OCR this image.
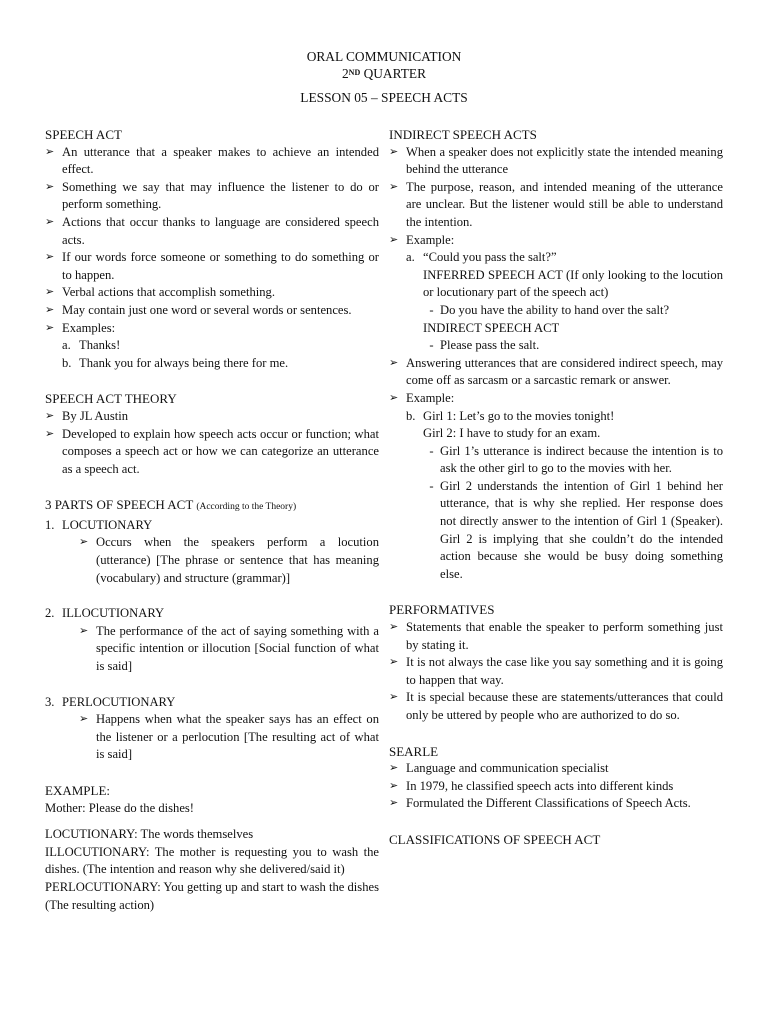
ORAL COMMUNICATION
2ND QUARTER
LESSON 05 – SPEECH ACTS
SPEECH ACT
➢ An utterance that a speaker makes to achieve an intended effect.
➢ Something we say that may influence the listener to do or perform something.
➢ Actions that occur thanks to language are considered speech acts.
➢ If our words force someone or something to do something or to happen.
➢ Verbal actions that accomplish something.
➢ May contain just one word or several words or sentences.
➢ Examples:
a. Thanks!
b. Thank you for always being there for me.
SPEECH ACT THEORY
➢ By JL Austin
➢ Developed to explain how speech acts occur or function; what composes a speech act or how we can categorize an utterance as a speech act.
3 PARTS OF SPEECH ACT (According to the Theory)
1. LOCUTIONARY
➢ Occurs when the speakers perform a locution (utterance) [The phrase or sentence that has meaning (vocabulary) and structure (grammar)]
2. ILLOCUTIONARY
➢ The performance of the act of saying something with a specific intention or illocution [Social function of what is said]
3. PERLOCUTIONARY
➢ Happens when what the speaker says has an effect on the listener or a perlocution [The resulting act of what is said]
EXAMPLE:
Mother: Please do the dishes!
LOCUTIONARY: The words themselves
ILLOCUTIONARY: The mother is requesting you to wash the dishes. (The intention and reason why she delivered/said it)
PERLOCUTIONARY: You getting up and start to wash the dishes (The resulting action)
INDIRECT SPEECH ACTS
➢ When a speaker does not explicitly state the intended meaning behind the utterance
➢ The purpose, reason, and intended meaning of the utterance are unclear. But the listener would still be able to understand the intention.
➢ Example:
a. “Could you pass the salt?”
INFERRED SPEECH ACT (If only looking to the locution or locutionary part of the speech act)
- Do you have the ability to hand over the salt?
INDIRECT SPEECH ACT
- Please pass the salt.
➢ Answering utterances that are considered indirect speech, may come off as sarcasm or a sarcastic remark or answer.
➢ Example:
b. Girl 1: Let’s go to the movies tonight!
Girl 2: I have to study for an exam.
- Girl 1’s utterance is indirect because the intention is to ask the other girl to go to the movies with her.
- Girl 2 understands the intention of Girl 1 behind her utterance, that is why she replied. Her response does not directly answer to the intention of Girl 1 (Speaker). Girl 2 is implying that she couldn’t do the intended action because she would be busy doing something else.
PERFORMATIVES
➢ Statements that enable the speaker to perform something just by stating it.
➢ It is not always the case like you say something and it is going to happen that way.
➢ It is special because these are statements/utterances that could only be uttered by people who are authorized to do so.
SEARLE
➢ Language and communication specialist
➢ In 1979, he classified speech acts into different kinds
➢ Formulated the Different Classifications of Speech Acts.
CLASSIFICATIONS OF SPEECH ACT
